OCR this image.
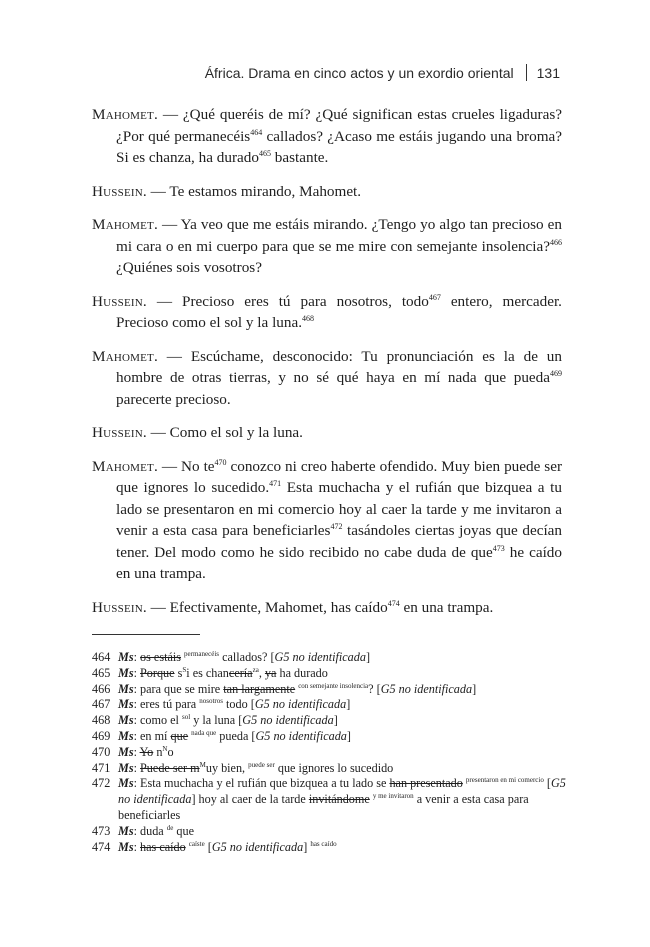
África. Drama en cinco actos y un exordio oriental 131

Mahomet. — ¿Qué queréis de mí? ¿Qué significan estas crueles ligaduras? ¿Por qué permanecéis$^{464}$ callados? ¿Acaso me estáis jugando una broma? Si es chanza, ha durado$^{465}$ bastante.

Hussein. — Te estamos mirando, Mahomet.

Mahomet. — Ya veo que me estáis mirando. ¿Tengo yo algo tan precioso en mi cara o en mi cuerpo para que se me mire con semejante insolencia?$^{466}$ ¿Quiénes sois vosotros?

Hussein. — Precioso eres tú para nosotros, todo$^{467}$ entero, mercader. Precioso como el sol y la luna.$^{468}$

Mahomet. — Escúchame, desconocido: Tu pronunciación es la de un hombre de otras tierras, y no sé qué haya en mí nada que pueda$^{469}$ parecerte precioso.

Hussein. — Como el sol y la luna.

Mahomet. — No $te^{470}$ conozco ni creo haberte ofendido. Muy bien puede ser que ignores lo sucedido.$^{471}$ Esta muchacha y el rufián que bizquea a tu lado se presentaron en mi comercio hoy al caer la tarde y me invitaron a venir a esta casa para beneficiarles$^{472}$ tasándoles ciertas joyas que decían tener. Del modo como he sido recibido no cabe duda de que$^{473}$ he caído en una trampa.

Hussein. — Efectivamente, Mahomet, has caído$^{474}$ en una trampa.

464 Ms: os estáis $^{permanecéis}$ callados? [G5 no identificada]
465 Ms: Porque $s^Si$ es chancería$^{za}$, ya ha durado
466 Ms: para que se mire tan largamente $^{con semejante insolencia}$? [G5 no identificada]
467 Ms: eres tú para $^{nosotros}$ todo [G5 no identificada]
468 Ms: como el $^{sol}$ y la luna [G5 no identificada]
469 Ms: en mí que $^{nada que}$ pueda [G5 no identificada]
470 Ms: Yo $n^No$
471 Ms: Puede ser $m^Muy$ bien, $^{puede ser}$ que ignores lo sucedido
472 Ms: Esta muchacha y el rufián que bizquea a tu lado se han presentado $^{presentaron en mi comercio}$ [G5 no identificada] hoy al caer de la tarde invitándome $^{y me invitaron}$ a venir a esta casa para beneficiarles
473 Ms: duda $^{de}$ que
474 Ms: has caído $^{caíste}$ [G5 no identificada] $^{has caído}$
